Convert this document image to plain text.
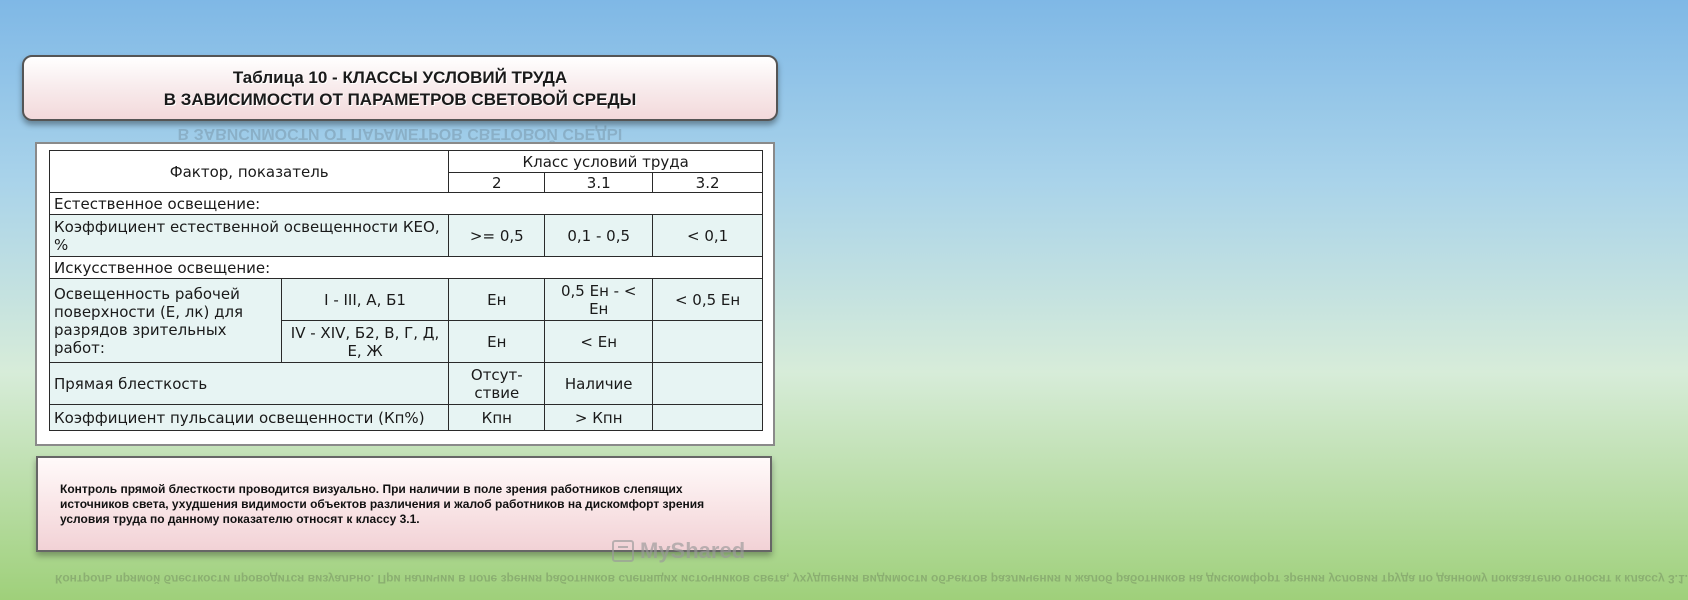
Таблица 10 - КЛАССЫ УСЛОВИЙ ТРУДА
В ЗАВИСИМОСТИ ОТ ПАРАМЕТРОВ СВЕТОВОЙ СРЕДЫ
В ЗАВИСИМОСТИ ОТ ПАРАМЕТРОВ СВЕТОВОЙ СРЕДЫ
Фактор, показатель		Класс условий труда		
		2	3.1	3.2
Естественное освещение:				
Коэффициент естественной освещенности КЕО, %		>= 0,5	0,1 - 0,5	< 0,1
Искусственное освещение:				
Освещенность рабочей поверхности (Е, лк) для разрядов зрительных работ:	I - III, А, Б1	Ен	0,5 Ен - < Ен	< 0,5 Ен
	IV - XIV, Б2, В, Г, Д, Е, Ж	Ен	< Ен	
Прямая блесткость		Отсут-ствие	Наличие	
Коэффициент пульсации освещенности (Кп%)		Кпн	> Кпн	
Контроль прямой блесткости проводится визуально. При наличии в поле зрения работников слепящих источников света, ухудшения видимости объектов различения и жалоб работников на дискомфорт зрения условия труда по данному показателю относят к классу 3.1.
Контроль прямой блесткости проводится визуально. При наличии в поле зрения работников слепящих источников света, ухудшения видимости объектов различения и жалоб работников на дискомфорт зрения условия труда по данному показателю относят к классу 3.1.
MyShared
